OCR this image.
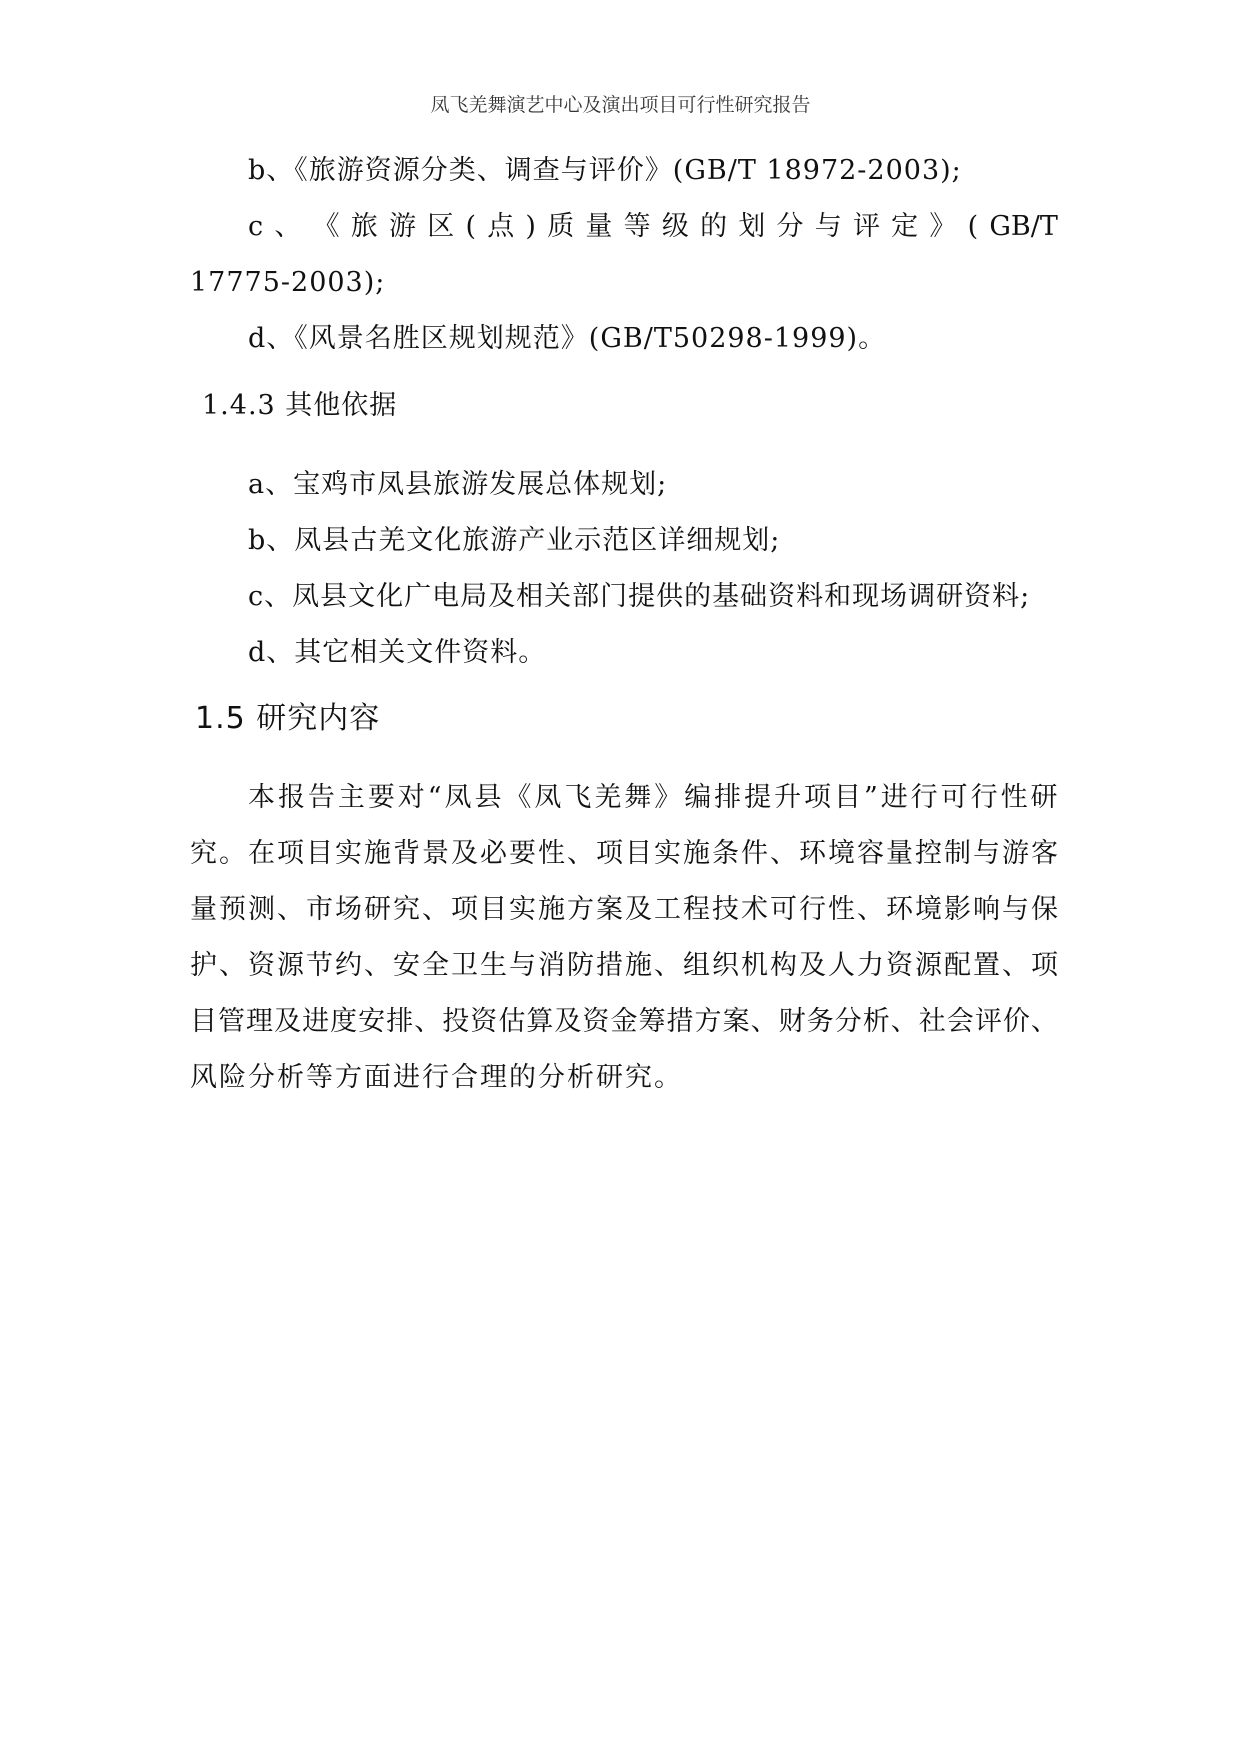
凤飞羌舞演艺中心及演出项目可行性研究报告
b、《旅游资源分类、调查与评价》(GB/T 18972-2003);
c 、 《 旅 游 区 ( 点 ) 质 量 等 级 的 划 分 与 评 定 》 ( GB/T
17775-2003);
d、《风景名胜区规划规范》(GB/T50298-1999)。
1.4.3 其他依据
a、宝鸡市凤县旅游发展总体规划;
b、凤县古羌文化旅游产业示范区详细规划;
c、凤县文化广电局及相关部门提供的基础资料和现场调研资料;
d、其它相关文件资料。
1.5 研究内容
本报告主要对“凤县《凤飞羌舞》编排提升项目”进行可行性研
究。在项目实施背景及必要性、项目实施条件、环境容量控制与游客
量预测、市场研究、项目实施方案及工程技术可行性、环境影响与保
护、资源节约、安全卫生与消防措施、组织机构及人力资源配置、项
目管理及进度安排、投资估算及资金筹措方案、财务分析、社会评价、
风险分析等方面进行合理的分析研究。
